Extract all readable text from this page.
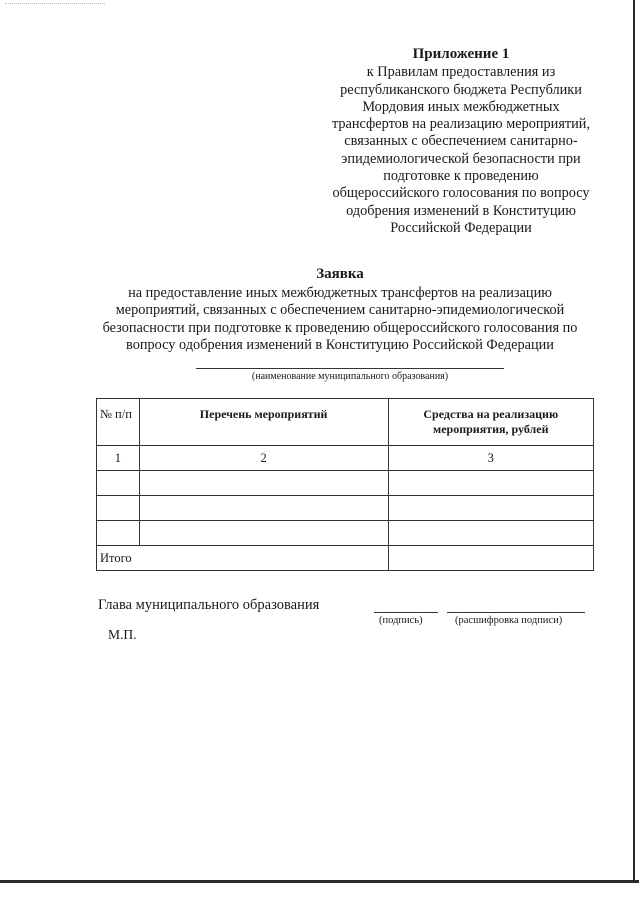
Приложение 1
к Правилам предоставления из
республиканского бюджета Республики
Мордовия иных межбюджетных
трансфертов на реализацию мероприятий,
связанных с обеспечением санитарно-
эпидемиологической безопасности при
подготовке к проведению
общероссийского голосования по вопросу
одобрения изменений в Конституцию
Российской Федерации
Заявка
на предоставление иных межбюджетных трансфертов на реализацию
мероприятий, связанных с обеспечением санитарно-эпидемиологической
безопасности при подготовке к проведению общероссийского голосования по
вопросу одобрения изменений в Конституцию Российской Федерации
(наименование муниципального образования)
№ п/п	Перечень мероприятий	Средства на реализацию
мероприятия, рублей

1	2	3

Итого		
Глава муниципального образования
(подпись)	(расшифровка подписи)
М.П.
